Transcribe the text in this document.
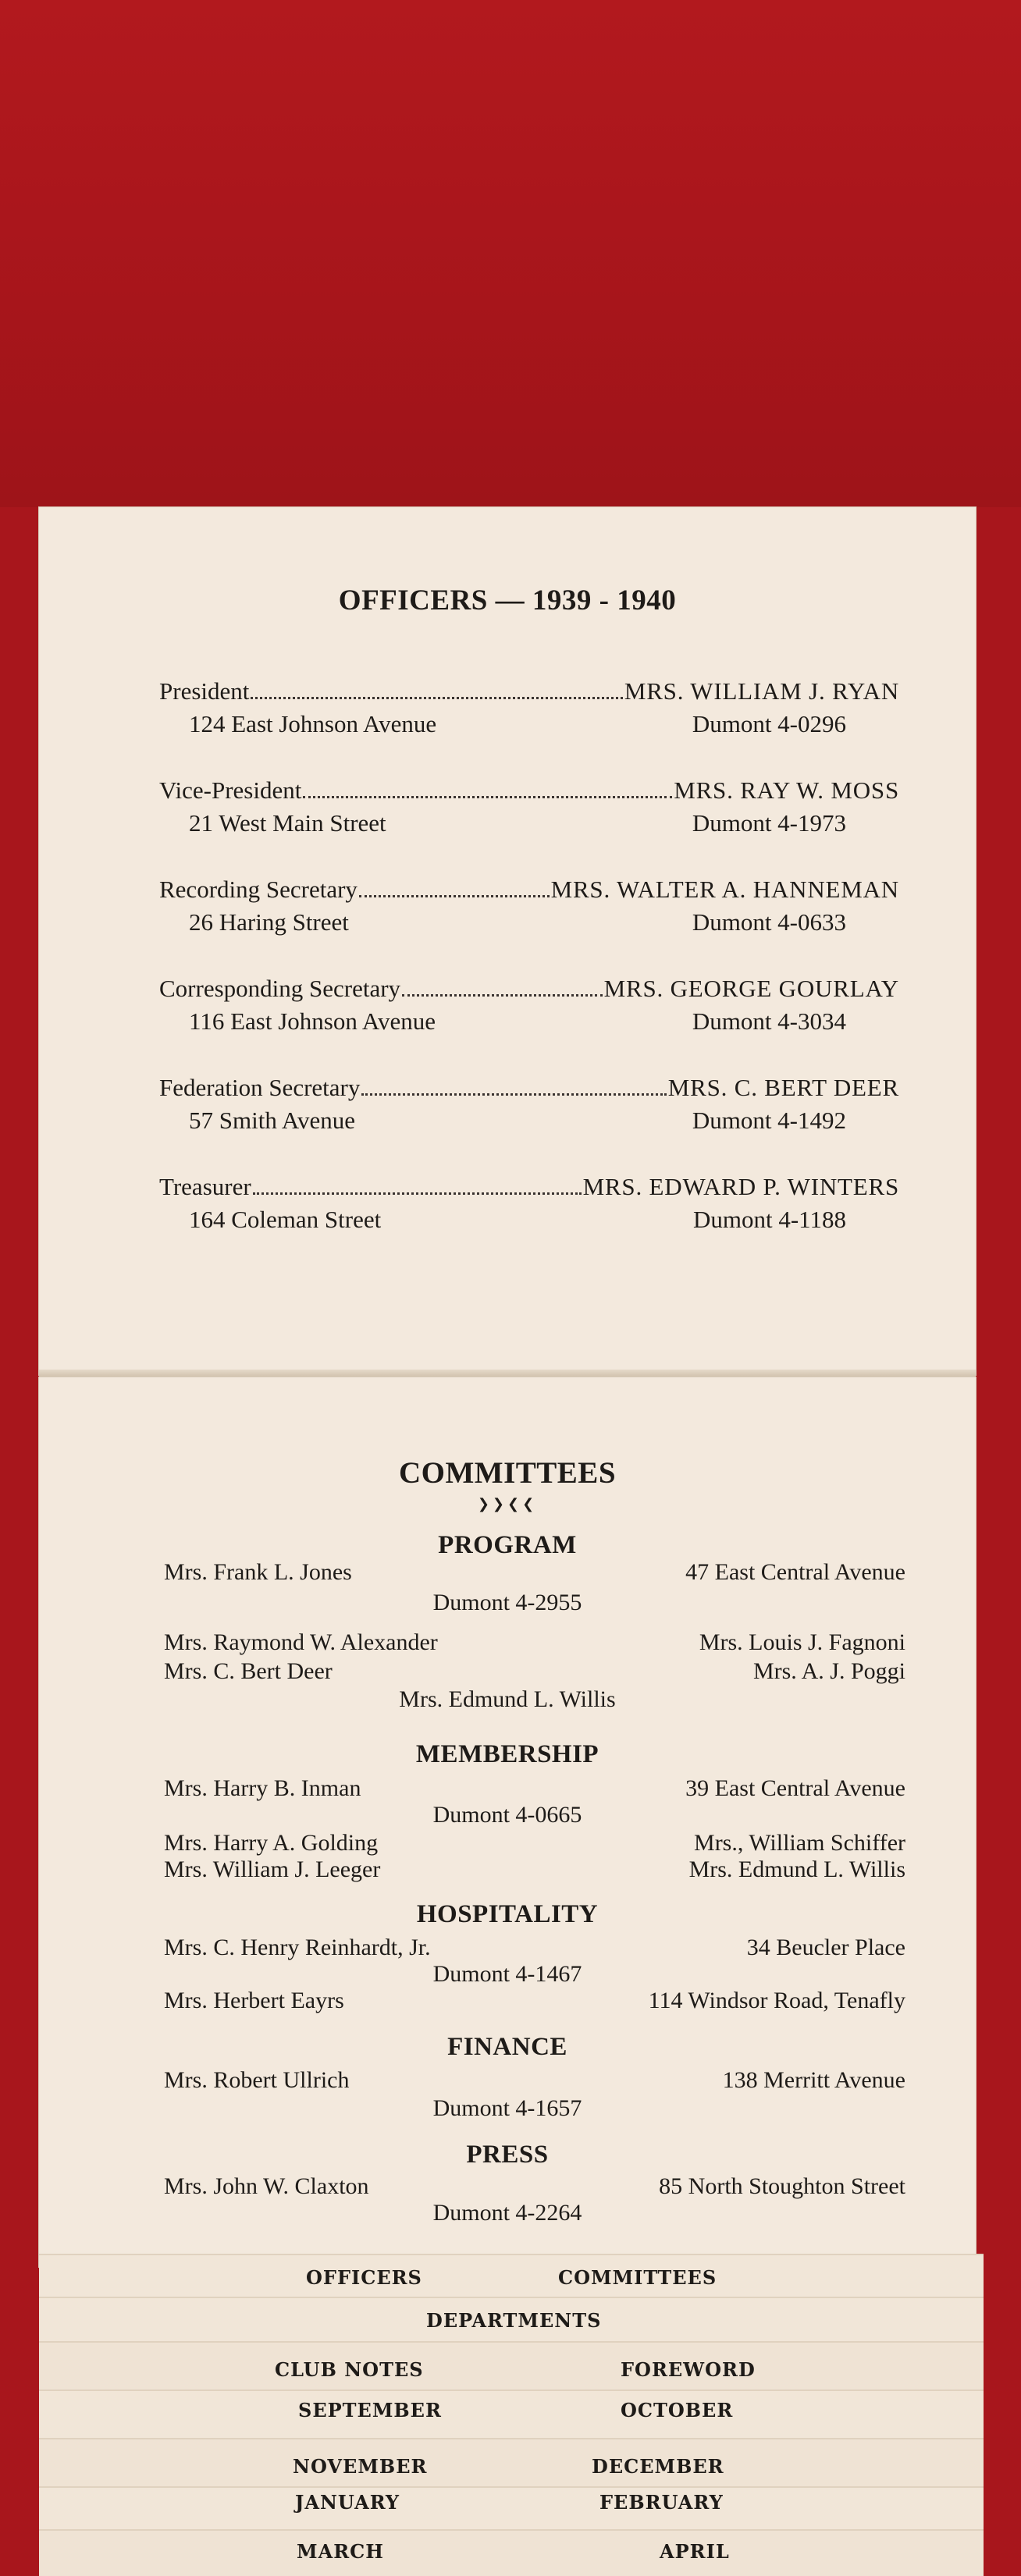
OFFICERS — 1939 - 1940
President	MRS. WILLIAM J. RYAN
124 East Johnson Avenue	Dumont 4-0296
Vice-President	MRS. RAY W. MOSS
21 West Main Street	Dumont 4-1973
Recording Secretary	MRS. WALTER A. HANNEMAN
26 Haring Street	Dumont 4-0633
Corresponding Secretary	MRS. GEORGE GOURLAY
116 East Johnson Avenue	Dumont 4-3034
Federation Secretary	MRS. C. BERT DEER
57 Smith Avenue	Dumont 4-1492
Treasurer	MRS. EDWARD P. WINTERS
164 Coleman Street	Dumont 4-1188
COMMITTEES
❯❯❮❮
PROGRAM
Mrs. Frank L. Jones	47 East Central Avenue
Dumont 4-2955
Mrs. Raymond W. Alexander	Mrs. Louis J. Fagnoni
Mrs. C. Bert Deer	Mrs. A. J. Poggi
Mrs. Edmund L. Willis
MEMBERSHIP
Mrs. Harry B. Inman	39 East Central Avenue
Dumont 4-0665
Mrs. Harry A. Golding	Mrs., William Schiffer
Mrs. William J. Leeger	Mrs. Edmund L. Willis
HOSPITALITY
Mrs. C. Henry Reinhardt, Jr.	34 Beucler Place
Dumont 4-1467
Mrs. Herbert Eayrs	114 Windsor Road, Tenafly
FINANCE
Mrs. Robert Ullrich	138 Merritt Avenue
Dumont 4-1657
PRESS
Mrs. John W. Claxton	85 North Stoughton Street
Dumont 4-2264
OFFICERS	COMMITTEES
DEPARTMENTS
CLUB NOTES	FOREWORD
SEPTEMBER	OCTOBER
NOVEMBER	DECEMBER
JANUARY	FEBRUARY
MARCH	APRIL
